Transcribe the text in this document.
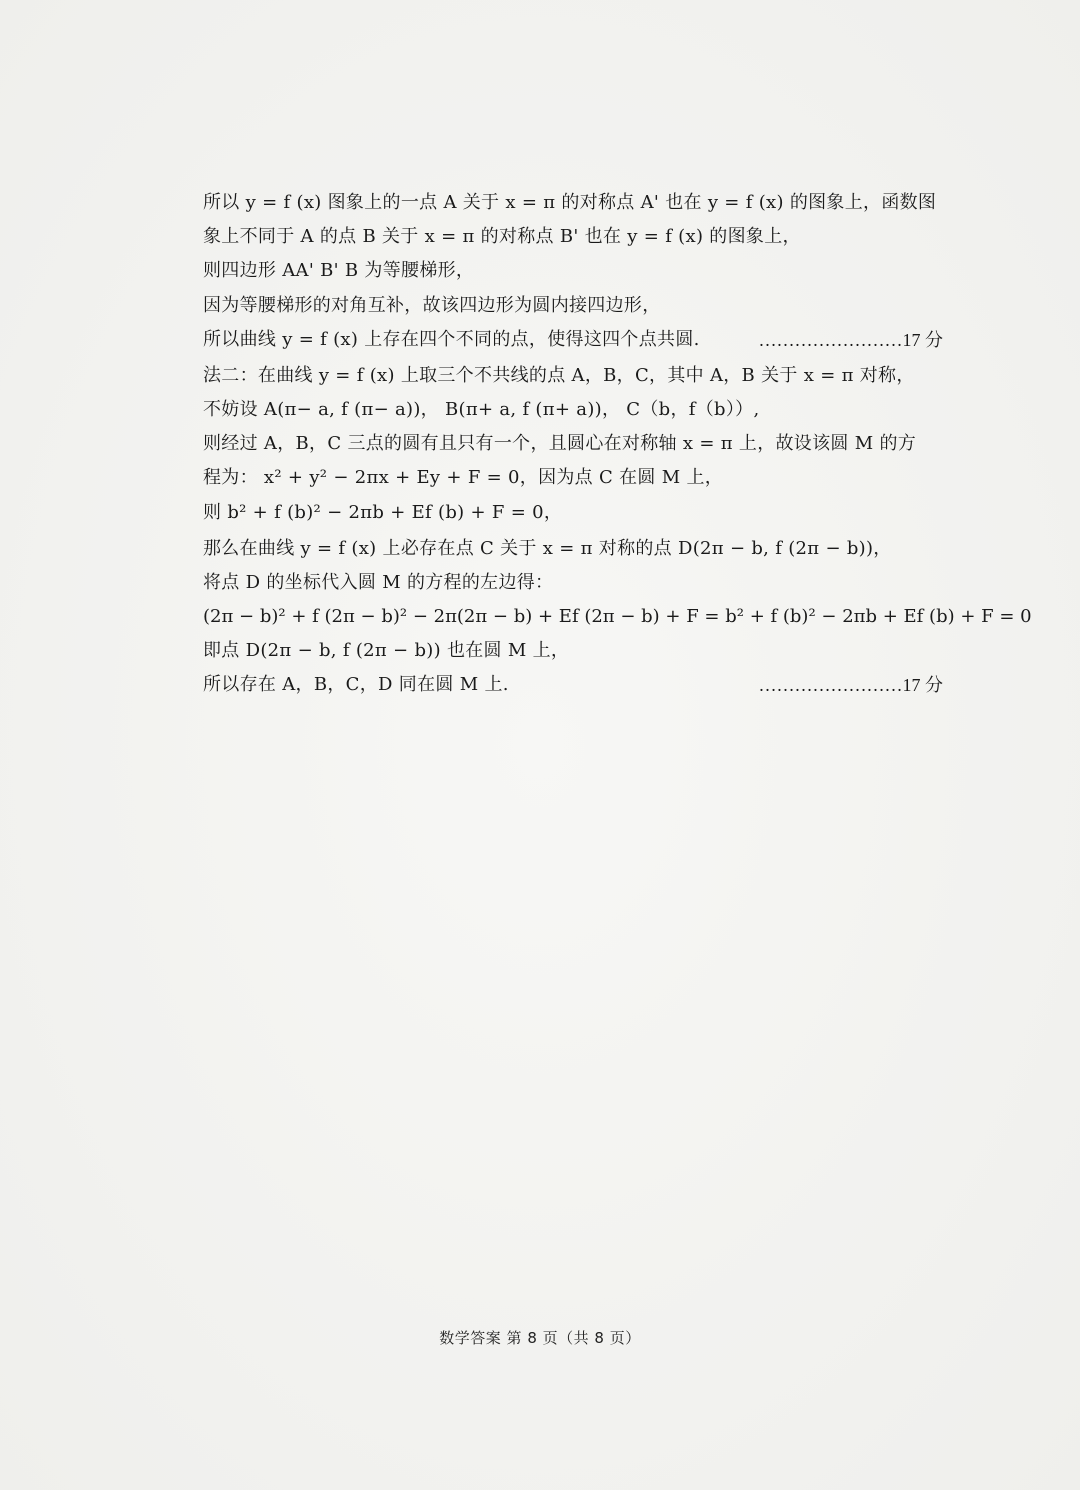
所以 y = f (x) 图象上的一点 A 关于 x = π 的对称点 A' 也在 y = f (x) 的图象上，函数图
象上不同于 A 的点 B 关于 x = π 的对称点 B' 也在 y = f (x) 的图象上，
则四边形 AA' B' B 为等腰梯形，
因为等腰梯形的对角互补，故该四边形为圆内接四边形，
所以曲线 y = f (x) 上存在四个不同的点，使得这四个点共圆.	……………………17 分
法二：在曲线 y = f (x) 上取三个不共线的点 A，B，C，其中 A，B 关于 x = π 对称，
不妨设 A(π− a, f (π− a))， B(π+ a, f (π+ a))， C（b，f（b））,
则经过 A，B，C 三点的圆有且只有一个，且圆心在对称轴 x = π 上，故设该圆 M 的方
程为： x² + y² − 2πx + Ey + F = 0，因为点 C 在圆 M 上，
则 b² + f (b)² − 2πb + Ef (b) + F = 0，
那么在曲线 y = f (x) 上必存在点 C 关于 x = π 对称的点 D(2π − b, f (2π − b))，
将点 D 的坐标代入圆 M 的方程的左边得：
(2π − b)² + f (2π − b)² − 2π(2π − b) + Ef (2π − b) + F = b² + f (b)² − 2πb + Ef (b) + F = 0
即点 D(2π − b, f (2π − b)) 也在圆 M 上，
所以存在 A，B，C，D 同在圆 M 上.	……………………17 分
数学答案 第 8 页（共 8 页）
